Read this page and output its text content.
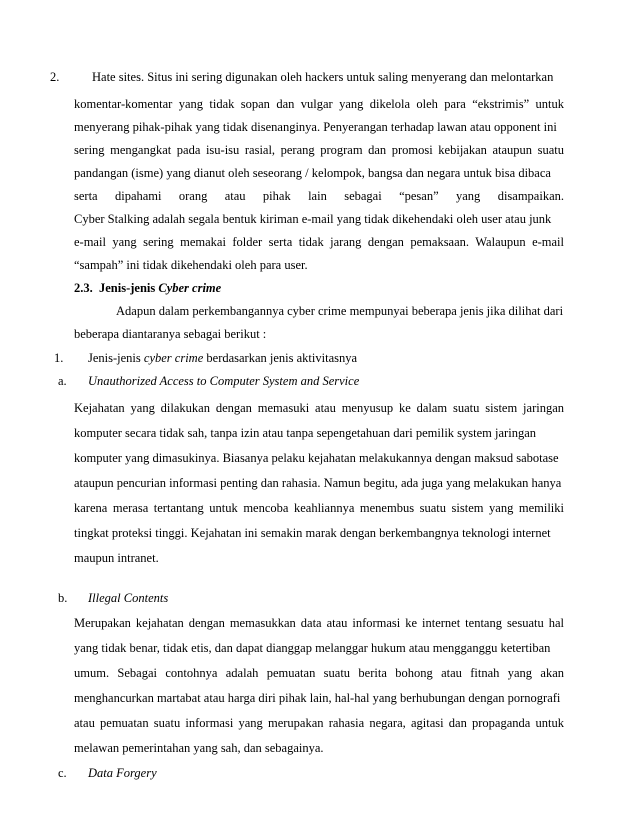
2.	Hate sites. Situs ini sering digunakan oleh hackers untuk saling menyerang dan melontarkan
komentar-komentar yang tidak sopan dan vulgar yang dikelola oleh para “ekstrimis” untuk
menyerang pihak-pihak yang tidak disenanginya. Penyerangan terhadap lawan atau opponent ini
sering mengangkat pada isu-isu rasial, perang program dan promosi kebijakan ataupun suatu
pandangan (isme) yang dianut oleh seseorang / kelompok, bangsa dan negara untuk bisa dibaca
serta dipahami orang atau pihak lain sebagai “pesan” yang disampaikan.
Cyber Stalking adalah segala bentuk kiriman e-mail yang tidak dikehendaki oleh user atau junk
e-mail yang sering memakai folder serta tidak jarang dengan pemaksaan. Walaupun e-mail
“sampah” ini tidak dikehendaki oleh para user.
2.3. Jenis-jenis Cyber crime
Adapun dalam perkembangannya cyber crime mempunyai beberapa jenis jika dilihat dari
beberapa diantaranya sebagai berikut :
1. Jenis-jenis cyber crime berdasarkan jenis aktivitasnya
a. Unauthorized Access to Computer System and Service
Kejahatan yang dilakukan dengan memasuki atau menyusup ke dalam suatu sistem jaringan
komputer secara tidak sah, tanpa izin atau tanpa sepengetahuan dari pemilik system jaringan
komputer yang dimasukinya. Biasanya pelaku kejahatan melakukannya dengan maksud sabotase
ataupun pencurian informasi penting dan rahasia. Namun begitu, ada juga yang melakukan hanya
karena merasa tertantang untuk mencoba keahliannya menembus suatu sistem yang memiliki
tingkat proteksi tinggi. Kejahatan ini semakin marak dengan berkembangnya teknologi internet
maupun intranet.
b. Illegal Contents
Merupakan kejahatan dengan memasukkan data atau informasi ke internet tentang sesuatu hal
yang tidak benar, tidak etis, dan dapat dianggap melanggar hukum atau mengganggu ketertiban
umum. Sebagai contohnya adalah pemuatan suatu berita bohong atau fitnah yang akan
menghancurkan martabat atau harga diri pihak lain, hal-hal yang berhubungan dengan pornografi
atau pemuatan suatu informasi yang merupakan rahasia negara, agitasi dan propaganda untuk
melawan pemerintahan yang sah, dan sebagainya.
c. Data Forgery
